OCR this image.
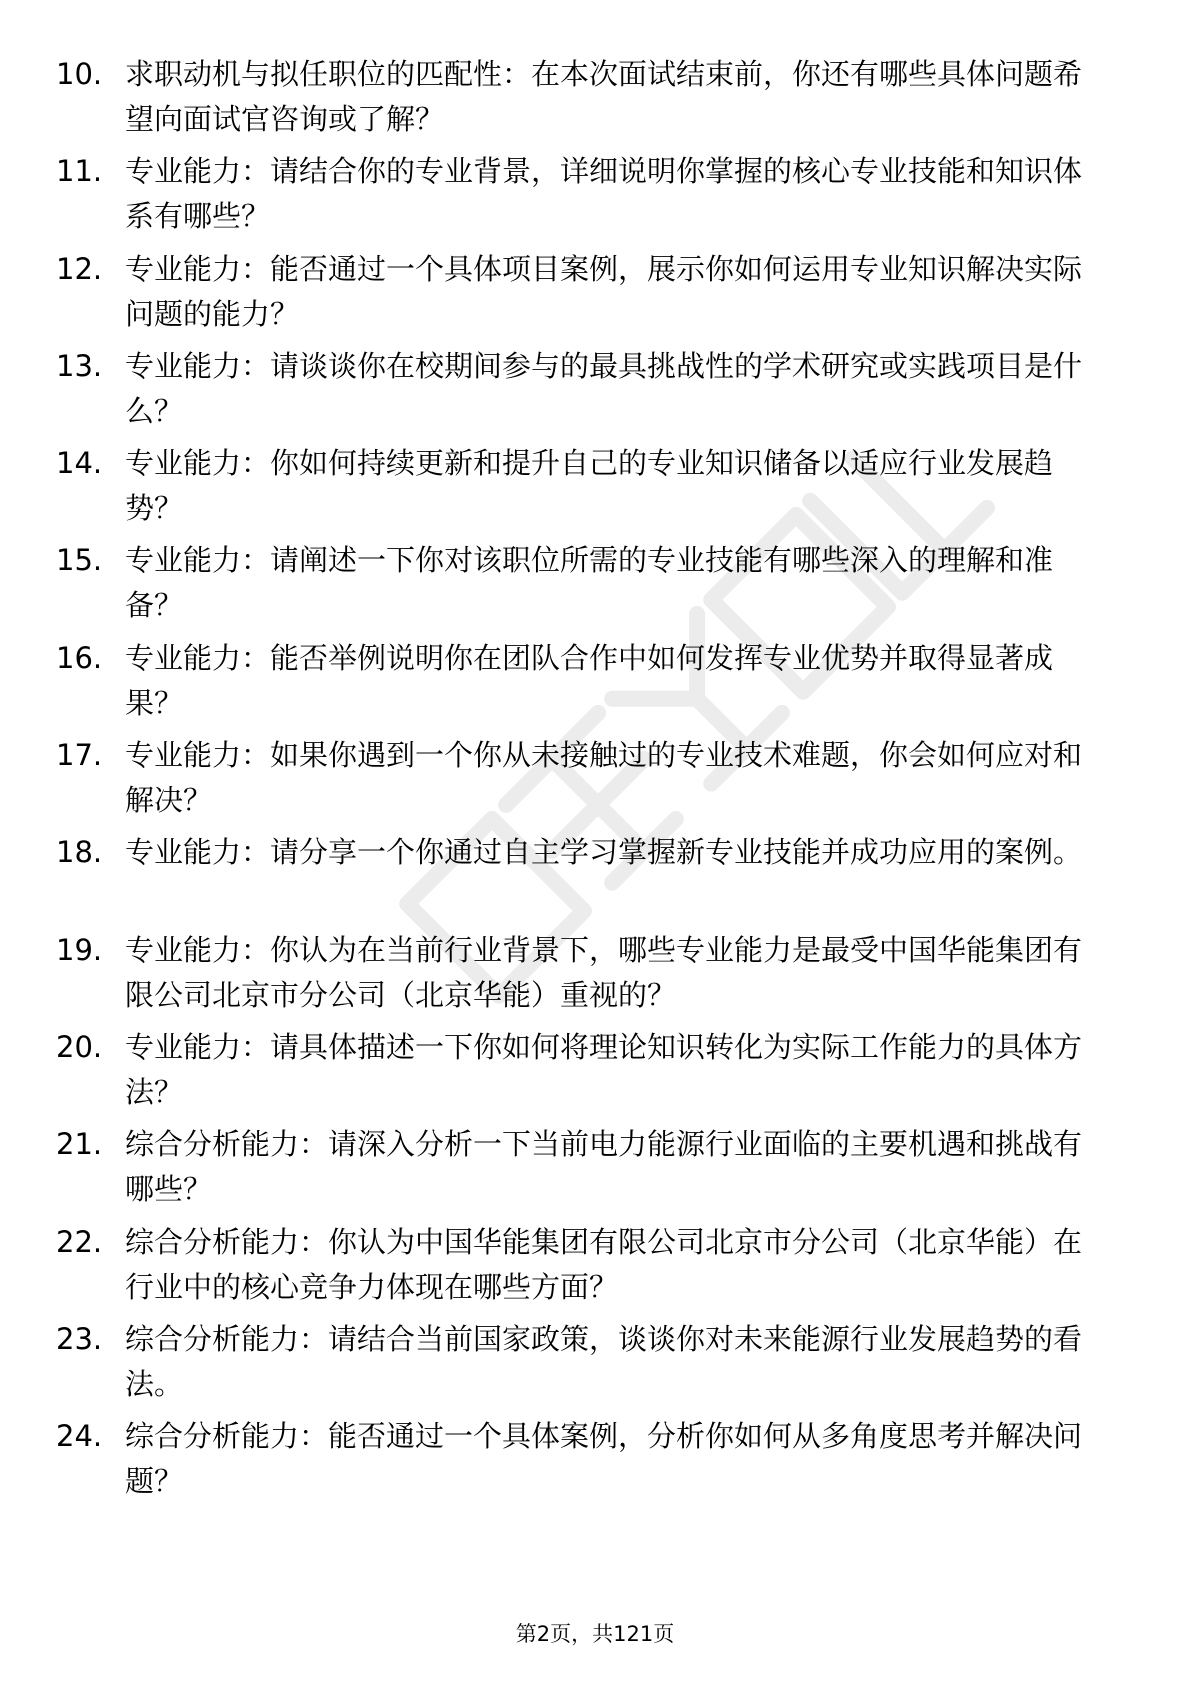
10. 求职动机与拟任职位的匹配性：在本次面试结束前，你还有哪些具体问题希望向面试官咨询或了解？
11. 专业能力：请结合你的专业背景，详细说明你掌握的核心专业技能和知识体系有哪些？
12. 专业能力：能否通过一个具体项目案例，展示你如何运用专业知识解决实际问题的能力？
13. 专业能力：请谈谈你在校期间参与的最具挑战性的学术研究或实践项目是什么？
14. 专业能力：你如何持续更新和提升自己的专业知识储备以适应行业发展趋势？
15. 专业能力：请阐述一下你对该职位所需的专业技能有哪些深入的理解和准备？
16. 专业能力：能否举例说明你在团队合作中如何发挥专业优势并取得显著成果？
17. 专业能力：如果你遇到一个你从未接触过的专业技术难题，你会如何应对和解决？
18. 专业能力：请分享一个你通过自主学习掌握新专业技能并成功应用的案例。
19. 专业能力：你认为在当前行业背景下，哪些专业能力是最受中国华能集团有限公司北京市分公司（北京华能）重视的？
20. 专业能力：请具体描述一下你如何将理论知识转化为实际工作能力的具体方法？
21. 综合分析能力：请深入分析一下当前电力能源行业面临的主要机遇和挑战有哪些？
22. 综合分析能力：你认为中国华能集团有限公司北京市分公司（北京华能）在行业中的核心竞争力体现在哪些方面？
23. 综合分析能力：请结合当前国家政策，谈谈你对未来能源行业发展趋势的看法。
24. 综合分析能力：能否通过一个具体案例，分析你如何从多角度思考并解决问题？
第2页，共121页
